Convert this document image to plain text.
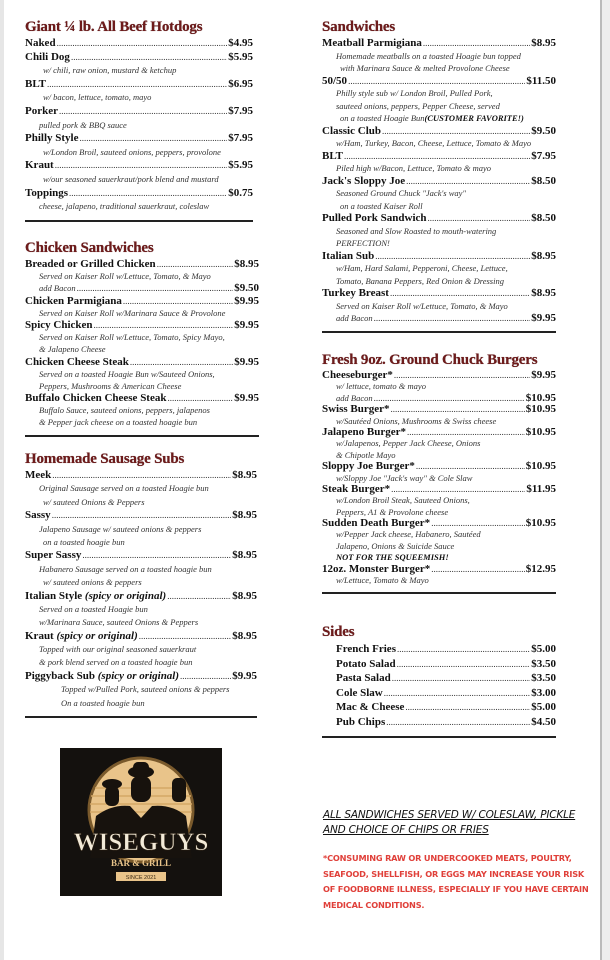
Giant ¼ lb. All Beef Hotdogs
Naked .....	$4.95
Chili Dog .....	$5.95
w/ chili, raw onion, mustard & ketchup
BLT .....	$6.95
w/ bacon, lettuce, tomato, mayo
Porker .....	$7.95
pulled pork & BBQ sauce
Philly Style .....	$7.95
w/London Broil, sauteed onions, peppers, provolone
Kraut .....	$5.95
w/our seasoned sauerkraut/pork blend and mustard
Toppings .....	$0.75
cheese, jalapeno, traditional sauerkraut, coleslaw
Chicken Sandwiches
Breaded or Grilled Chicken .....	$8.95
Served on Kaiser Roll w/Lettuce, Tomato, & Mayo
add Bacon .....	$9.50
Chicken Parmigiana .....	$9.95
Served on Kaiser Roll w/Marinara Sauce & Provolone
Spicy Chicken .....	$9.95
Served on Kaiser Roll w/Lettuce, Tomato, Spicy Mayo,
& Jalapeno Cheese
Chicken Cheese Steak .....	$9.95
Served on a toasted Hoagie Bun w/Sauteed Onions,
Peppers, Mushrooms & American Cheese
Buffalo Chicken Cheese Steak .....	$9.95
Buffalo Sauce, sauteed onions, peppers, jalapenos
& Pepper jack cheese on a toasted hoagie bun
Homemade Sausage Subs
Meek .....	$8.95
Original Sausage served on a toasted Hoagie bun
w/ sauteed Onions & Peppers
Sassy .....	$8.95
Jalapeno Sausage w/ sauteed onions & peppers
on a toasted hoagie bun
Super Sassy .....	$8.95
Habanero Sausage served on a toasted hoagie bun
w/ sauteed onions & peppers
Italian Style (spicy or original) .....	$8.95
Served on a toasted Hoagie bun
w/Marinara Sauce, sauteed Onions & Peppers
Kraut (spicy or original) .....	$8.95
Topped with our original seasoned sauerkraut
& pork blend served on a toasted hoagie bun
Piggyback Sub (spicy or original) .....	$9.95
Topped w/Pulled Pork, sauteed onions & peppers
On a toasted hoagie bun
Sandwiches
Meatball Parmigiana .....	$8.95
Homemade meatballs on a toasted Hoagie bun topped
with Marinara Sauce & melted Provolone Cheese
50/50 .....	$11.50
Philly style sub w/ London Broil, Pulled Pork,
sauteed onions, peppers, Pepper Cheese, served
on a toasted Hoagie Bun (CUSTOMER FAVORITE!)
Classic Club .....	$9.50
w/Ham, Turkey, Bacon, Cheese, Lettuce, Tomato & Mayo
BLT .....	$7.95
Piled high w/Bacon, Lettuce, Tomato & mayo
Jack's Sloppy Joe .....	$8.50
Seasoned Ground Chuck "Jack's way"
on a toasted Kaiser Roll
Pulled Pork Sandwich .....	$8.50
Seasoned and Slow Roasted to mouth-watering
PERFECTION!
Italian Sub .....	$8.95
w/Ham, Hard Salami, Pepperoni, Cheese, Lettuce,
Tomato, Banana Peppers, Red Onion & Dressing
Turkey Breast .....	$8.95
Served on Kaiser Roll w/Lettuce, Tomato, & Mayo
add Bacon .....	$9.95
Fresh 9oz. Ground Chuck Burgers
Cheeseburger* .....	$9.95
w/ lettuce, tomato & mayo
add Bacon .....	$10.95
Swiss Burger* .....	$10.95
w/Sautéed Onions, Mushrooms & Swiss cheese
Jalapeno Burger* .....	$10.95
w/Jalapenos, Pepper Jack Cheese, Onions
& Chipotle Mayo
Sloppy Joe Burger* .....	$10.95
w/Sloppy Joe "Jack's way" & Cole Slaw
Steak Burger* .....	$11.95
w/London Broil Steak, Sauteed Onions,
Peppers, A1 & Provolone cheese
Sudden Death Burger* .....	$10.95
w/Pepper Jack cheese, Habanero, Sautéed
Jalapeno, Onions & Suicide Sauce
NOT FOR THE SQUEEMISH!
12oz. Monster Burger* .....	$12.95
w/Lettuce, Tomato & Mayo
Sides
French Fries .....	$5.00
Potato Salad .....	$3.50
Pasta Salad .....	$3.50
Cole Slaw .....	$3.00
Mac & Cheese .....	$5.00
Pub Chips .....	$4.50
WISEGUYS
BAR & GRILL
SINCE 2021
ALL SANDWICHES SERVED W/ COLESLAW, PICKLE AND CHOICE OF CHIPS OR FRIES
*CONSUMING RAW OR UNDERCOOKED MEATS, POULTRY, SEAFOOD, SHELLFISH, OR EGGS MAY INCREASE YOUR RISK OF FOODBORNE ILLNESS, ESPECIALLY IF YOU HAVE CERTAIN MEDICAL CONDITIONS.
